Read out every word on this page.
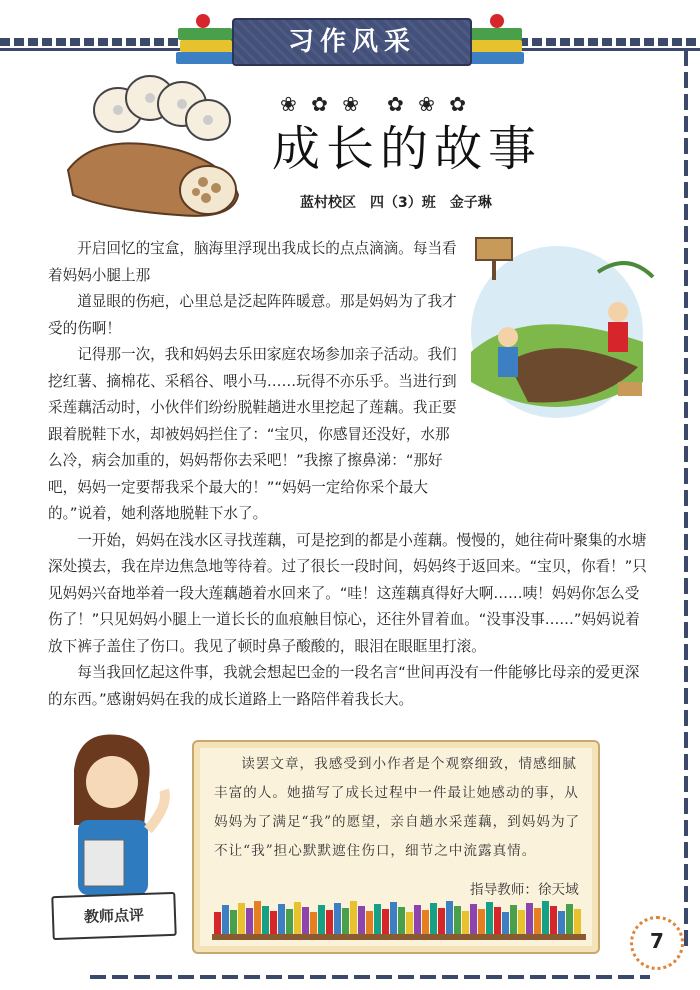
习作风采
❀ ✿ ❀　✿ ❀ ✿
成长的故事
蓝村校区　四（3）班　金子琳

开启回忆的宝盒，脑海里浮现出我成长的点点滴滴。每当看着妈妈小腿上那

道显眼的伤疤，心里总是泛起阵阵暖意。那是妈妈为了我才受的伤啊！

记得那一次，我和妈妈去乐田家庭农场参加亲子活动。我们挖红薯、摘棉花、采稻谷、喂小马……玩得不亦乐乎。当进行到采莲藕活动时，小伙伴们纷纷脱鞋趟进水里挖起了莲藕。我正要跟着脱鞋下水，却被妈妈拦住了：“宝贝，你感冒还没好，水那么冷，病会加重的，妈妈帮你去采吧！”我擦了擦鼻涕：“那好吧，妈妈一定要帮我采个最大的！”“妈妈一定给你采个最大的。”说着，她利落地脱鞋下水了。

一开始，妈妈在浅水区寻找莲藕，可是挖到的都是小莲藕。慢慢的，她往荷叶聚集的水塘深处摸去，我在岸边焦急地等待着。过了很长一段时间，妈妈终于返回来。“宝贝，你看！”只见妈妈兴奋地举着一段大莲藕趟着水回来了。“哇！这莲藕真得好大啊……咦！妈妈你怎么受伤了！”只见妈妈小腿上一道长长的血痕触目惊心，还往外冒着血。“没事没事……”妈妈说着放下裤子盖住了伤口。我见了顿时鼻子酸酸的，眼泪在眼眶里打滚。

每当我回忆起这件事，我就会想起巴金的一段名言“世间再没有一件能够比母亲的爱更深的东西。”感谢妈妈在我的成长道路上一路陪伴着我长大。

读罢文章，我感受到小作者是个观察细致，情感细腻丰富的人。她描写了成长过程中一件最让她感动的事，从妈妈为了满足“我”的愿望，亲自趟水采莲藕，到妈妈为了不让“我”担心默默遮住伤口，细节之中流露真情。

指导教师：徐天域
教师点评
7
